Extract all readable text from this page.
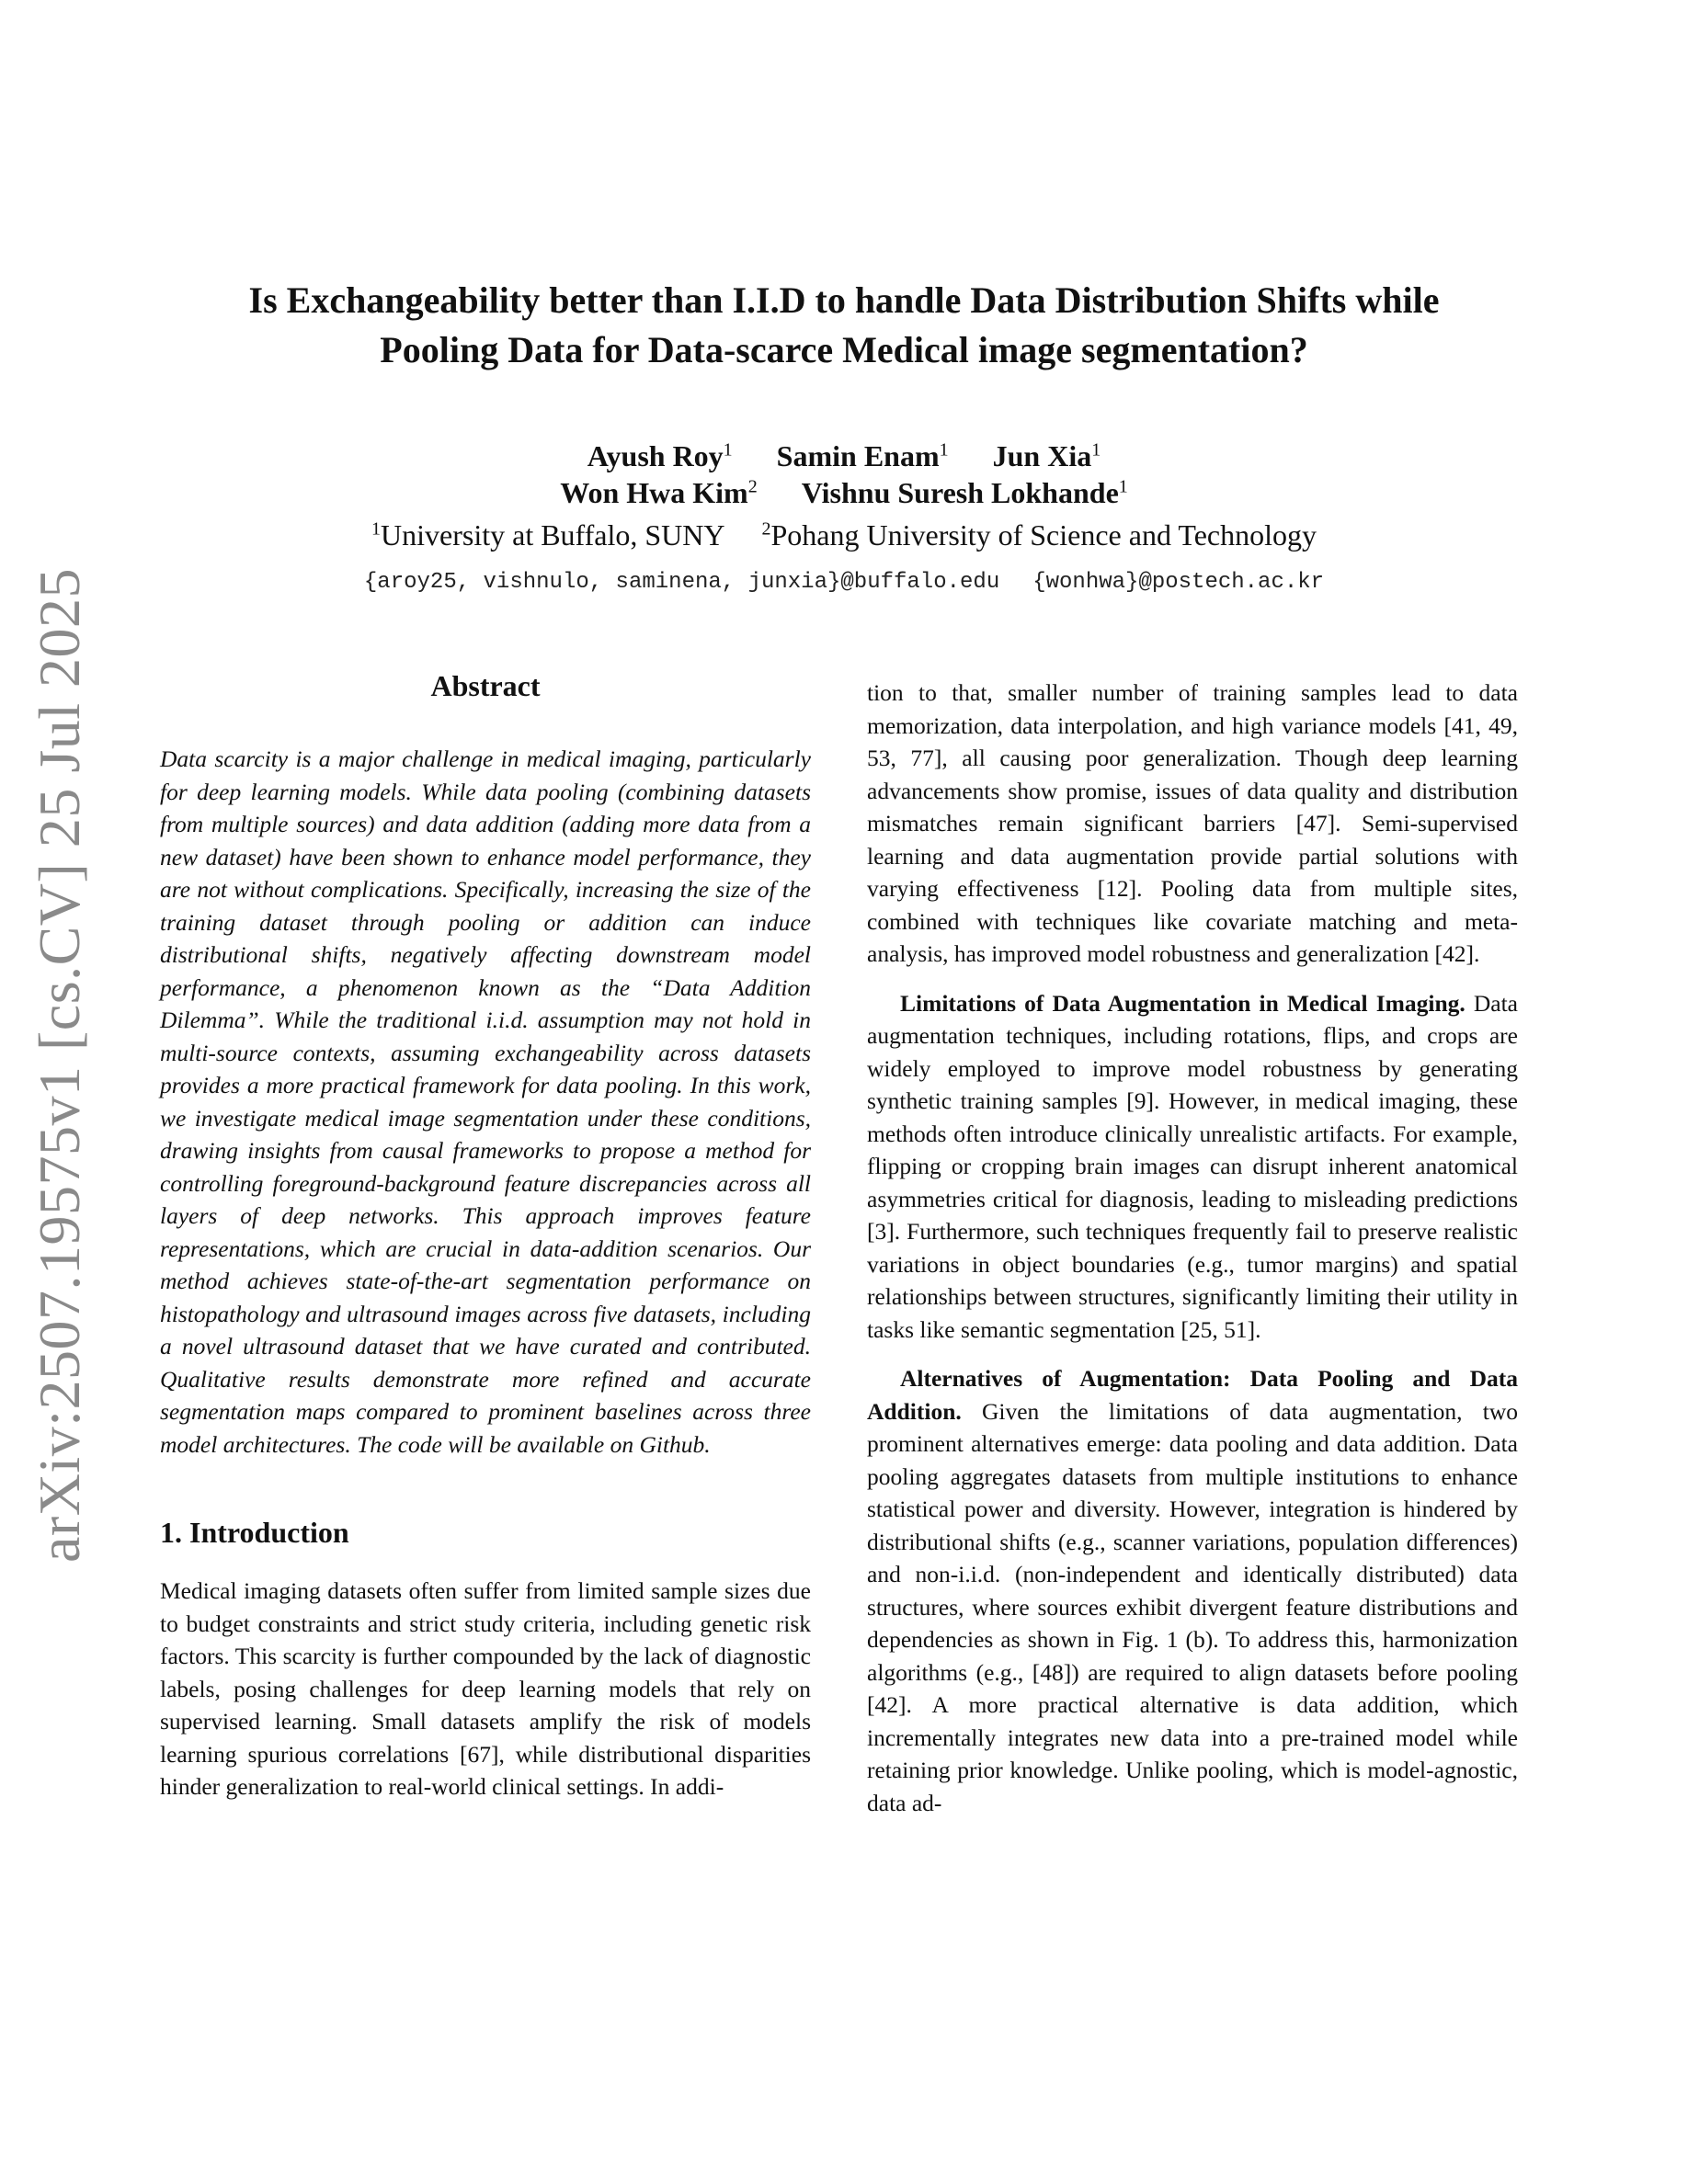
arXiv:2507.19575v1 [cs.CV] 25 Jul 2025
Is Exchangeability better than I.I.D to handle Data Distribution Shifts while
Pooling Data for Data-scarce Medical image segmentation?
Ayush Roy$^1$ Samin Enam$^1$ Jun Xia$^1$
Won Hwa Kim$^2$ Vishnu Suresh Lokhande$^1$
$^1$University at Buffalo, SUNY $^2$Pohang University of Science and Technology
{aroy25, vishnulo, saminena, junxia}@buffalo.edu {wonhwa}@postech.ac.kr
Abstract

Data scarcity is a major challenge in medical imaging, particularly for deep learning models. While data pooling (combining datasets from multiple sources) and data addition (adding more data from a new dataset) have been shown to enhance model performance, they are not without complications. Specifically, increasing the size of the training dataset through pooling or addition can induce distributional shifts, negatively affecting downstream model performance, a phenomenon known as the “Data Addition Dilemma”. While the traditional i.i.d. assumption may not hold in multi-source contexts, assuming exchangeability across datasets provides a more practical framework for data pooling. In this work, we investigate medical image segmentation under these conditions, drawing insights from causal frameworks to propose a method for controlling foreground-background feature discrepancies across all layers of deep networks. This approach improves feature representations, which are crucial in data-addition scenarios. Our method achieves state-of-the-art segmentation performance on histopathology and ultrasound images across five datasets, including a novel ultrasound dataset that we have curated and contributed. Qualitative results demonstrate more refined and accurate segmentation maps compared to prominent baselines across three model architectures. The code will be available on Github.

1. Introduction

Medical imaging datasets often suffer from limited sample sizes due to budget constraints and strict study criteria, including genetic risk factors. This scarcity is further compounded by the lack of diagnostic labels, posing challenges for deep learning models that rely on supervised learning. Small datasets amplify the risk of models learning spurious correlations [67], while distributional disparities hinder generalization to real-world clinical settings. In addi-

tion to that, smaller number of training samples lead to data memorization, data interpolation, and high variance models [41, 49, 53, 77], all causing poor generalization. Though deep learning advancements show promise, issues of data quality and distribution mismatches remain significant barriers [47]. Semi-supervised learning and data augmentation provide partial solutions with varying effectiveness [12]. Pooling data from multiple sites, combined with techniques like covariate matching and meta-analysis, has improved model robustness and generalization [42].

Limitations of Data Augmentation in Medical Imaging. Data augmentation techniques, including rotations, flips, and crops are widely employed to improve model robustness by generating synthetic training samples [9]. However, in medical imaging, these methods often introduce clinically unrealistic artifacts. For example, flipping or cropping brain images can disrupt inherent anatomical asymmetries critical for diagnosis, leading to misleading predictions [3]. Furthermore, such techniques frequently fail to preserve realistic variations in object boundaries (e.g., tumor margins) and spatial relationships between structures, significantly limiting their utility in tasks like semantic segmentation [25, 51].

Alternatives of Augmentation: Data Pooling and Data Addition. Given the limitations of data augmentation, two prominent alternatives emerge: data pooling and data addition. Data pooling aggregates datasets from multiple institutions to enhance statistical power and diversity. However, integration is hindered by distributional shifts (e.g., scanner variations, population differences) and non-i.i.d. (non-independent and identically distributed) data structures, where sources exhibit divergent feature distributions and dependencies as shown in Fig. 1 (b). To address this, harmonization algorithms (e.g., [48]) are required to align datasets before pooling [42]. A more practical alternative is data addition, which incrementally integrates new data into a pre-trained model while retaining prior knowledge. Unlike pooling, which is model-agnostic, data ad-
